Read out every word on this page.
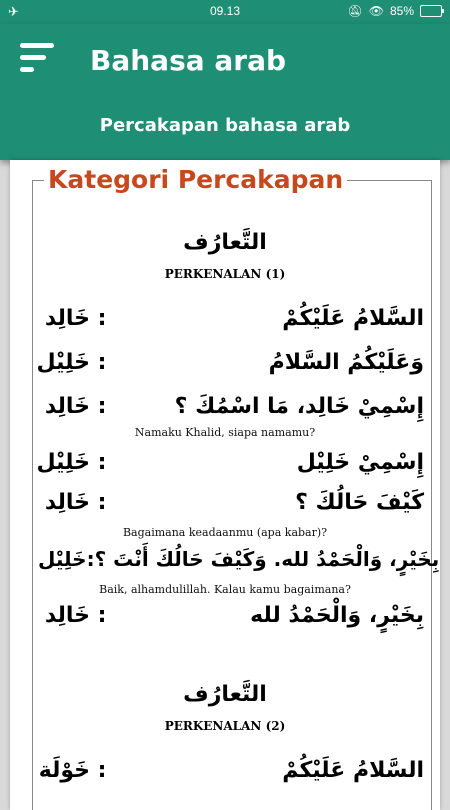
✈	09.13	🔕︎ 👁︎ 85%
Bahasa arab
Percakapan bahasa arab
Kategori Percakapan
التَّعارُف
PERKENALAN (1)
خَالِد :	السَّلامُ عَلَيْكُمْ
خَلِيْل :	وَعَلَيْكُمُ السَّلامُ
خَالِد :	إِسْمِيْ خَالِد، مَا اسْمُكَ ؟
Namaku Khalid, siapa namamu?
خَلِيْل :	إِسْمِيْ خَلِيْل
خَالِد :	كَيْفَ حَالُكَ ؟
Bagaimana keadaanmu (apa kabar)?
خَلِيْل : بِخَيْرٍ، وَالْحَمْدُ لله. وَكَيْفَ حَالُكَ أَنْتَ ؟
Baik, alhamdulillah. Kalau kamu bagaimana?
خَالِد :	بِخَيْرٍ، وَالْحَمْدُ لله
التَّعارُف
PERKENALAN (2)
خَوْلَة :	السَّلامُ عَلَيْكُمْ
